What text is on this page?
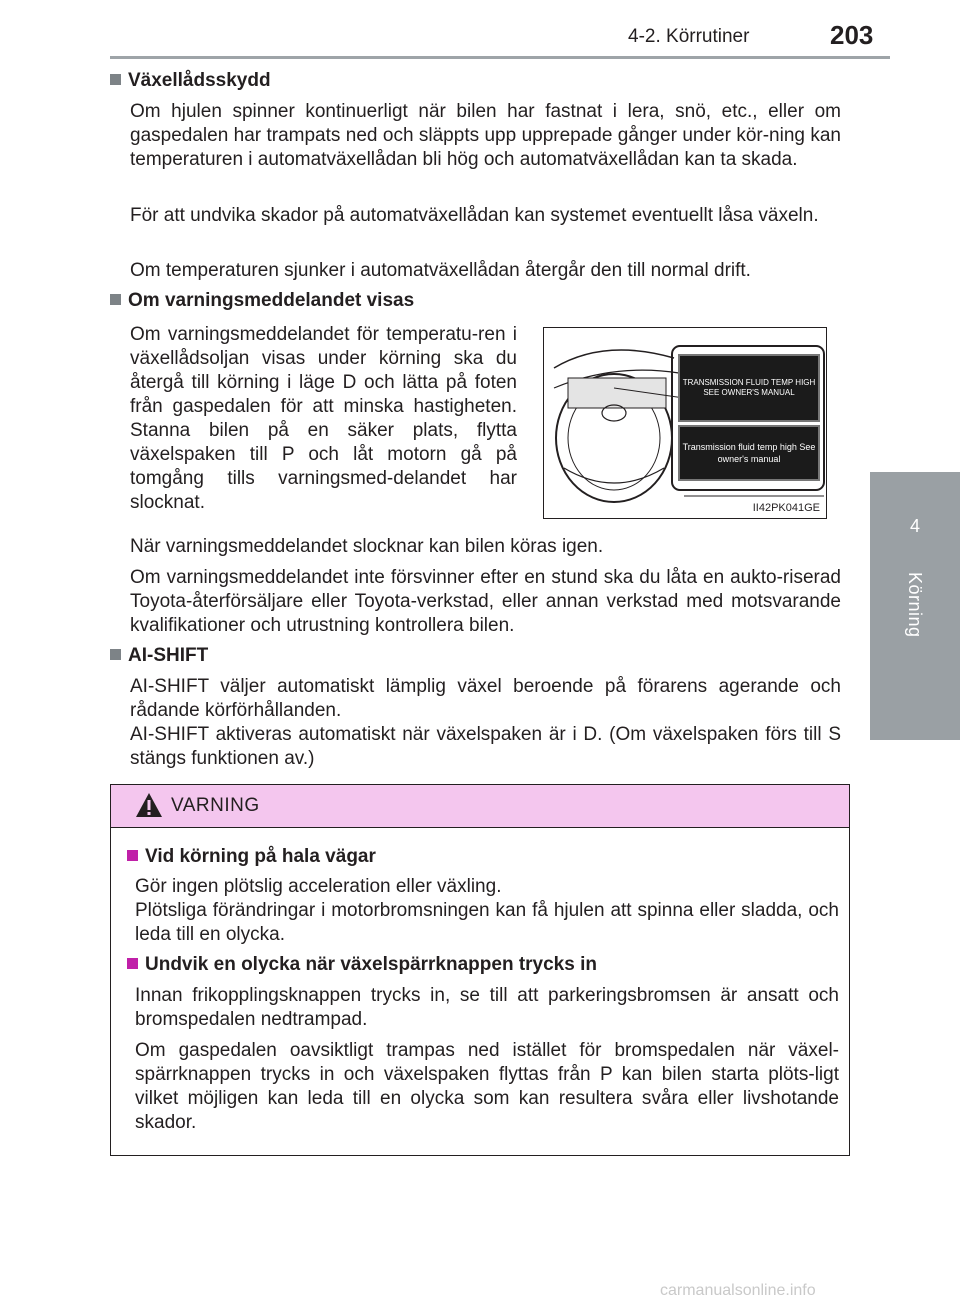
4-2. Körrutiner	203
4
Körning
Växellådsskydd
Om hjulen spinner kontinuerligt när bilen har fastnat i lera, snö, etc., eller om gaspedalen har trampats ned och släppts upp upprepade gånger under kör-ning kan temperaturen i automatväxellådan bli hög och automatväxellådan kan ta skada.
För att undvika skador på automatväxellådan kan systemet eventuellt låsa växeln.
Om temperaturen sjunker i automatväxellådan återgår den till normal drift.
Om varningsmeddelandet visas
Om varningsmeddelandet för temperatu-ren i växellådsoljan visas under körning ska du återgå till körning i läge D och lätta på foten från gaspedalen för att minska hastigheten. Stanna bilen på en säker plats, flytta växelspaken till P och låt motorn gå på tomgång tills varningsmed-delandet har slocknat.
TRANSMISSION FLUID TEMP HIGH SEE OWNER'S MANUAL
Transmission fluid temp high See owner's manual
II42PK041GE
När varningsmeddelandet slocknar kan bilen köras igen.
Om varningsmeddelandet inte försvinner efter en stund ska du låta en aukto-riserad Toyota-återförsäljare eller Toyota-verkstad, eller annan verkstad med motsvarande kvalifikationer och utrustning kontrollera bilen.
AI-SHIFT
AI-SHIFT väljer automatiskt lämplig växel beroende på förarens agerande och rådande körförhållanden.
AI-SHIFT aktiveras automatiskt när växelspaken är i D. (Om växelspaken förs till S stängs funktionen av.)
VARNING
Vid körning på hala vägar
Gör ingen plötslig acceleration eller växling.
Plötsliga förändringar i motorbromsningen kan få hjulen att spinna eller sladda, och leda till en olycka.
Undvik en olycka när växelspärrknappen trycks in
Innan frikopplingsknappen trycks in, se till att parkeringsbromsen är ansatt och bromspedalen nedtrampad.
Om gaspedalen oavsiktligt trampas ned istället för bromspedalen när växel-spärrknappen trycks in och växelspaken flyttas från P kan bilen starta plöts-ligt vilket möjligen kan leda till en olycka som kan resultera svåra eller livshotande skador.
carmanualsonline.info
